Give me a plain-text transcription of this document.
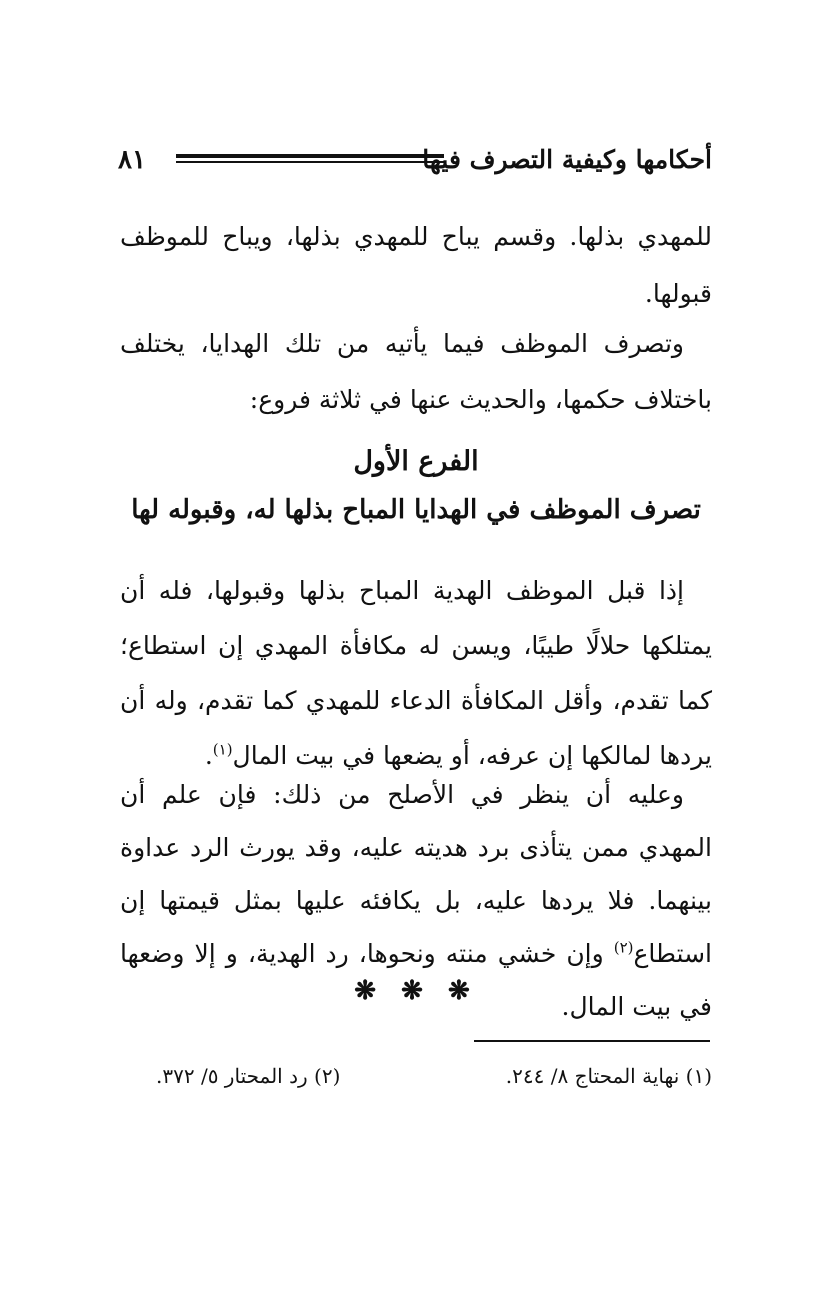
٨١	أحكامها وكيفية التصرف فيها

للمهدي بذلها. وقسم يباح للمهدي بذلها، ويباح للموظف قبولها.

وتصرف الموظف فيما يأتيه من تلك الهدايا، يختلف باختلاف حكمها، والحديث عنها في ثلاثة فروع:

الفرع الأول
تصرف الموظف في الهدايا المباح بذلها له، وقبوله لها

إذا قبل الموظف الهدية المباح بذلها وقبولها، فله أن يمتلكها حلالًا طيبًا، ويسن له مكافأة المهدي إن استطاع؛ كما تقدم، وأقل المكافأة الدعاء للمهدي كما تقدم، وله أن يردها لمالكها إن عرفه، أو يضعها في بيت المال$^{(١)}$.

وعليه أن ينظر في الأصلح من ذلك: فإن علم أن المهدي ممن يتأذى برد هديته عليه، وقد يورث الرد عداوة بينهما. فلا يردها عليه، بل يكافئه عليها بمثل قيمتها إن استطاع$^{(٢)}$ وإن خشي منته ونحوها، رد الهدية، و إلا وضعها في بيت المال.

❋ ❋ ❋
(١) نهاية المحتاج ٨/ ٢٤٤.
(٢) رد المحتار ٥/ ٣٧٢.
